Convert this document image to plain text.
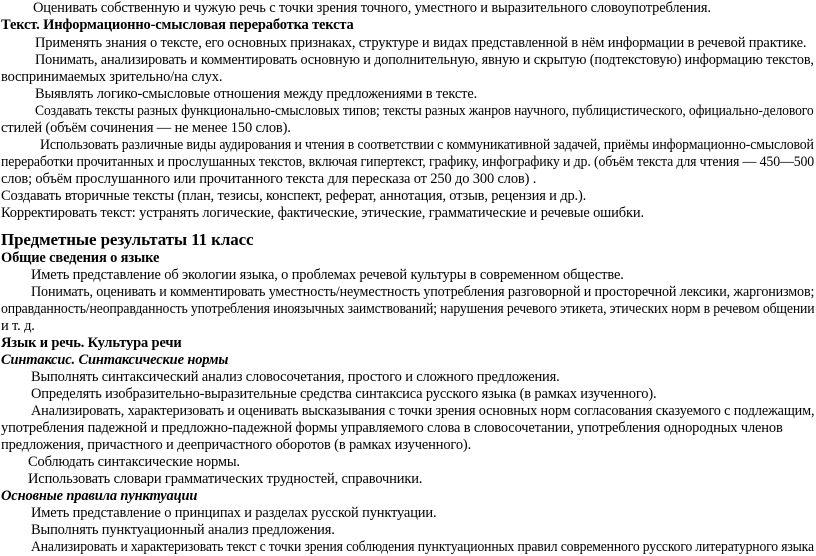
Оценивать собственную и чужую речь с точки зрения точного, уместного и выразительного словоупотребления.
Текст. Информационно-смысловая переработка текста
Применять знания о тексте, его основных признаках, структуре и видах представленной в нём информации в речевой практике.
Понимать, анализировать и комментировать основную и дополнительную, явную и скрытую (подтекстовую) информацию текстов,
воспринимаемых зрительно/на слух.
Выявлять логико-смысловые отношения между предложениями в тексте.
Создавать тексты разных функционально-смысловых типов; тексты разных жанров научного, публицистического, официально-делового
стилей (объём сочинения — не менее 150 слов).
Использовать различные виды аудирования и чтения в соответствии с коммуникативной задачей, приёмы информационно-смысловой
переработки прочитанных и прослушанных текстов, включая гипертекст, графику, инфографику и др. (объём текста для чтения — 450—500
слов; объём прослушанного или прочитанного текста для пересказа от 250 до 300 слов) .
Создавать вторичные тексты (план, тезисы, конспект, реферат, аннотация, отзыв, рецензия и др.).
Корректировать текст: устранять логические, фактические, этические, грамматические и речевые ошибки.
Предметные результаты 11 класс
Общие сведения о языке
Иметь представление об экологии языка, о проблемах речевой культуры в современном обществе.
Понимать, оценивать и комментировать уместность/неуместность употребления разговорной и просторечной лексики, жаргонизмов;
оправданность/неоправданность употребления иноязычных заимствований; нарушения речевого этикета, этических норм в речевом общении
и т. д.
Язык и речь. Культура речи
Синтаксис. Синтаксические нормы
Выполнять синтаксический анализ словосочетания, простого и сложного предложения.
Определять изобразительно-выразительные средства синтаксиса русского языка (в рамках изученного).
Анализировать, характеризовать и оценивать высказывания с точки зрения основных норм согласования сказуемого с подлежащим,
употребления падежной и предложно-падежной формы управляемого слова в словосочетании, употребления однородных членов
предложения, причастного и деепричастного оборотов (в рамках изученного).
Соблюдать синтаксические нормы.
Использовать словари грамматических трудностей, справочники.
Основные правила пунктуации
Иметь представление о принципах и разделах русской пунктуации.
Выполнять пунктуационный анализ предложения.
Анализировать и характеризовать текст с точки зрения соблюдения пунктуационных правил современного русского литературного языка
